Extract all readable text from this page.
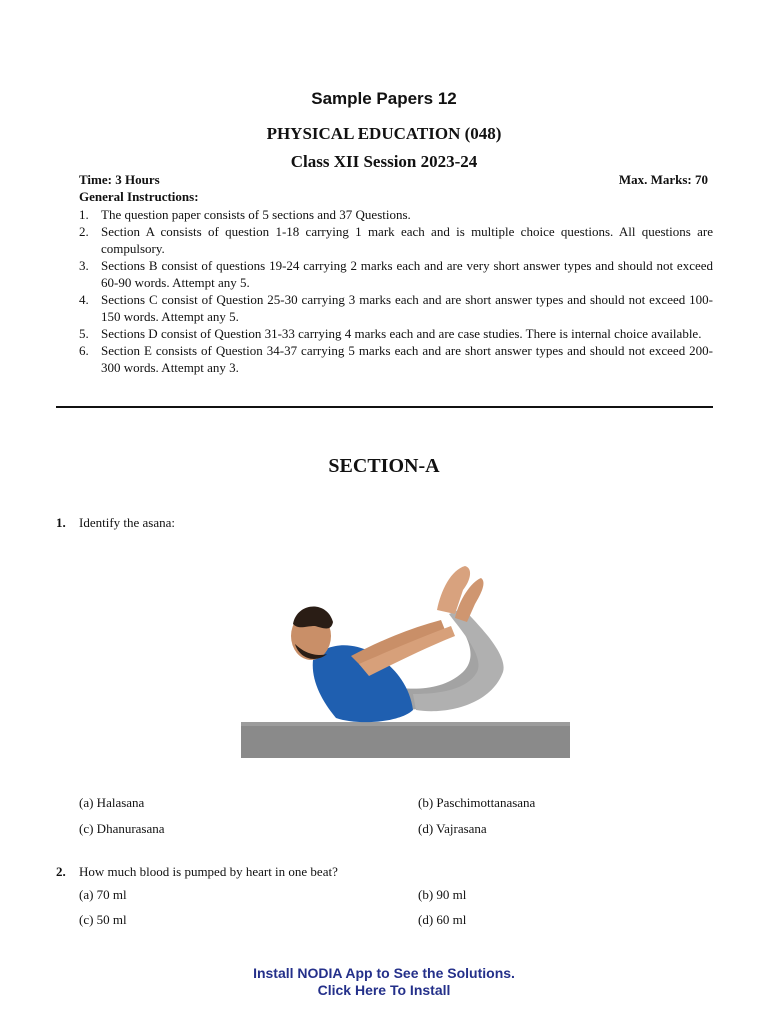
Sample Papers 12
PHYSICAL EDUCATION (048)
Class XII Session 2023-24
Time: 3 Hours	Max. Marks: 70
General Instructions:
1. The question paper consists of 5 sections and 37 Questions.
2. Section A consists of question 1-18 carrying 1 mark each and is multiple choice questions. All questions are compulsory.
3. Sections B consist of questions 19-24 carrying 2 marks each and are very short answer types and should not exceed 60-90 words. Attempt any 5.
4. Sections C consist of Question 25-30 carrying 3 marks each and are short answer types and should not exceed 100-150 words. Attempt any 5.
5. Sections D consist of Question 31-33 carrying 4 marks each and are case studies. There is internal choice available.
6. Section E consists of Question 34-37 carrying 5 marks each and are short answer types and should not exceed 200-300 words. Attempt any 3.
SECTION-A
1. Identify the asana:
(a) Halasana	(b) Paschimottanasana
(c) Dhanurasana	(d) Vajrasana
2. How much blood is pumped by heart in one beat?
(a) 70 ml	(b) 90 ml
(c) 50 ml	(d) 60 ml
Install NODIA App to See the Solutions.
Click Here To Install
